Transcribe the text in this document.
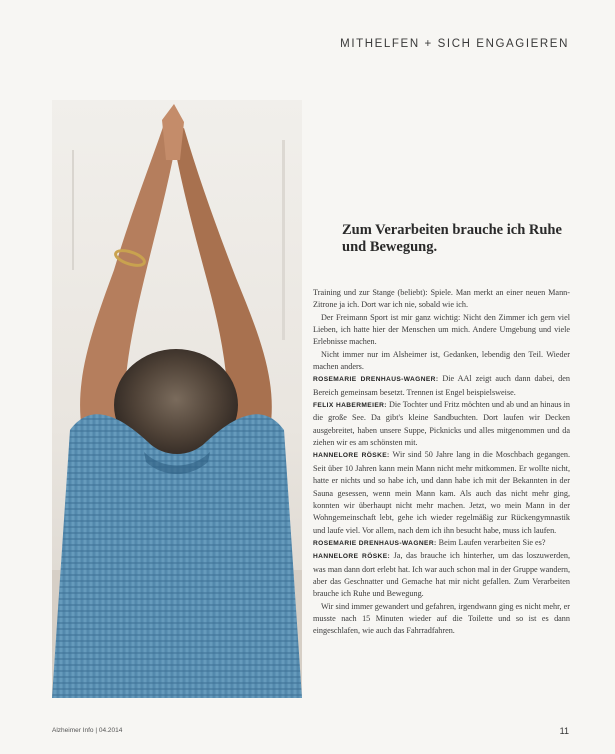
MITHELFEN + SICH ENGAGIEREN
Zum Verarbeiten brauche ich Ruhe und Bewegung.

Training und zur Stange (beliebt): Spiele. Man merkt an einer neuen Mann-Zitrone ja ich. Dort war ich nie, sobald wie ich.

Der Freimann Sport ist mir ganz wichtig: Nicht den Zimmer ich gern viel Lieben, ich hatte hier der Menschen um mich. Andere Umgebung und viele Erlebnisse machen.

Nicht immer nur im Alsheimer ist, Gedanken, lebendig den Teil. Wieder machen anders.

ROSEMARIE DRENHAUS-WAGNER: Die AAl zeigt auch dann dabei, den Bereich gemeinsam besetzt. Trennen ist Engel beispielsweise.

FELIX HABERMEIER: Die Tochter und Fritz möchten und ab und an hinaus in die große See. Da gibt's kleine Sandbuchten. Dort laufen wir Decken ausgebreitet, haben unsere Suppe, Picknicks und alles mitgenommen und da ziehen wir es am schönsten mit.

HANNELORE RÖSKE: Wir sind 50 Jahre lang in die Moschbach gegangen. Seit über 10 Jahren kann mein Mann nicht mehr mitkommen. Er wollte nicht, hatte er nichts und so habe ich, und dann habe ich mit der Bekannten in der Sauna gesessen, wenn mein Mann kam. Als auch das nicht mehr ging, konnten wir überhaupt nicht mehr machen. Jetzt, wo mein Mann in der Wohngemeinschaft lebt, gehe ich wieder regelmäßig zur Rückengymnastik und laufe viel. Vor allem, nach dem ich ihn besucht habe, muss ich laufen.

ROSEMARIE DRENHAUS-WAGNER: Beim Laufen verarbeiten Sie es?

HANNELORE RÖSKE: Ja, das brauche ich hinterher, um das loszuwerden, was man dann dort erlebt hat. Ich war auch schon mal in der Gruppe wandern, aber das Geschnatter und Gemache hat mir nicht gefallen. Zum Verarbeiten brauche ich Ruhe und Bewegung.

Wir sind immer gewandert und gefahren, irgendwann ging es nicht mehr, er musste nach 15 Minuten wieder auf die Toilette und so ist es dann eingeschlafen, wie auch das Fahrradfahren.

Alzheimer Info | 04.2014	11
